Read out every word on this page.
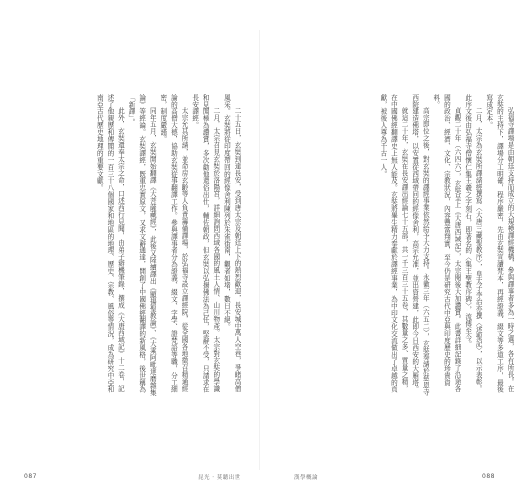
二十五日，玄奘到達長安，受到唐太宗及朝廷上下的熱烈歡迎，長安城中萬人空巷，爭睹高僧風采。玄奘將從印度帶回的經像舍利陳列於朱雀街南，觀者如堵，數日不絕。

二月，太宗召見玄奘於洛陽宮，詳細詢問西域各國的風土人情、山川物產。太宗對玄奘的學識和見聞極為讚賞，多次勸他還俗出仕，輔佐朝政，但玄奘以弘揚佛法為己任，堅辭不受，只請求在長安譯經。

太宗允其所請，並命房玄齡等人負責籌備譯場，於弘福寺設立譯經院，從全國各地徵召精通經論的高僧大德，協助玄奘從事翻譯工作。參與譯事者分為證義、綴文、字學、證梵語等職，分工細密，制度嚴謹。

同年五月，玄奘開始翻譯《大菩薩藏經》，此後又陸續譯出《顯揚聖教論》、《大乘阿毗達磨雜集論》等經論。玄奘譯經，既重忠實原文，又求文辭通達，開創了中國佛經翻譯的新風格，後世稱為「新譯」。

此外，玄奘還奉太宗之命，口述西行見聞，由弟子辯機筆錄，撰成《大唐西域記》十二卷，記述了他親歷和傳聞的一百三十八個國家和地區的地理、歷史、宗教、風俗等情況，成為研究中亞和南亞古代歷史地理的重要文獻。

087	昆光 · 莫聽出世

弘福寺譯場是由朝廷支持而成立的大規模譯經機構，參與譯事者多為一時之選，各有所長。在玄奘的主持下，譯場分工明確，程序嚴密，先由玄奘宣讀梵本，再經證義、綴文等多道工序，最後寫成定本。

二月，太宗為玄奘所譯諸經撰寫〈大唐三藏聖教序〉，皇太子李治亦撰〈述聖記〉，以示表彰。此序文後由弘福寺僧懷仁集王羲之字刻石，即著名的〈集王聖教序碑〉，流傳至今。

貞觀二十年（六四六），玄奘呈上《大唐西域記》，太宗閱後大加讚賞。此書詳細記錄了沿途各國的政治、經濟、文化、宗教狀況，內容豐富翔實，至今仍是研究古代中亞與印度歷史的珍貴資料。

高宗即位之後，對玄奘的譯經事業依然給予大力支持。永徽三年（六五二），玄奘奏請於慈恩寺西院建造佛塔，以安置從西域帶回的經像舍利，高宗允准，並出資營建，此即今日西安的大雁塔。

就這二十年，玄奘在長安譯出經論七十五部，共一千三百三十五卷，其數量之多、質量之精，在中國佛經翻譯史上無人能及。玄奘將畢生精力奉獻於譯經事業，為中印文化交流做出了卓越的貢獻，被後人尊為千古一人。

漢學概論	088
